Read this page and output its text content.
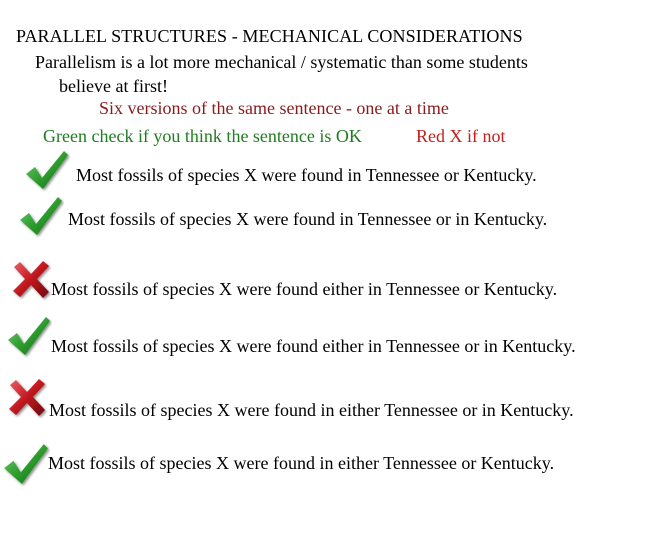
PARALLEL STRUCTURES - MECHANICAL CONSIDERATIONS
Parallelism is a lot more mechanical / systematic than some students
believe at first!
Six versions of the same sentence - one at a time
Green check if you think the sentence is OK	Red X if not
Most fossils of species X were found in Tennessee or Kentucky.
Most fossils of species X were found in Tennessee or in Kentucky.
Most fossils of species X were found either in Tennessee or Kentucky.
Most fossils of species X were found either in Tennessee or in Kentucky.
Most fossils of species X were found in either Tennessee or in Kentucky.
Most fossils of species X were found in either Tennessee or Kentucky.
